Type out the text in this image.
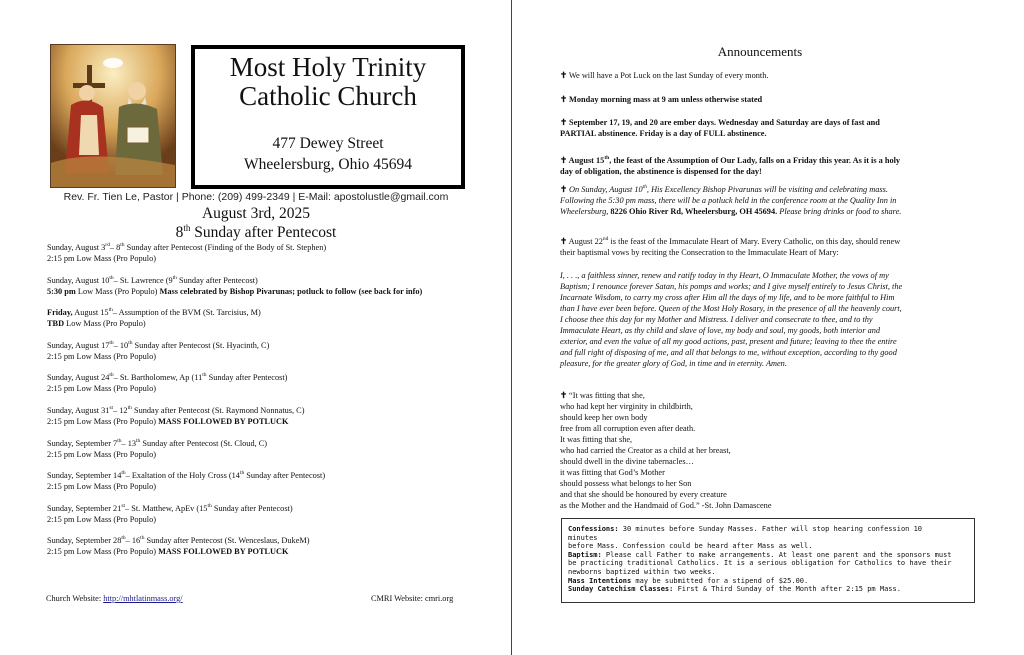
Most Holy Trinity
Catholic Church
477 Dewey Street
Wheelersburg, Ohio 45694
Rev. Fr. Tien Le, Pastor | Phone: (209) 499-2349 | E-Mail: apostolustle@gmail.com
August 3rd, 2025
8th Sunday after Pentecost
Sunday, August 3rd– 8th Sunday after Pentecost (Finding of the Body of St. Stephen)
2:15 pm Low Mass (Pro Populo)
Sunday, August 10th– St. Lawrence (9th Sunday after Pentecost)
5:30 pm Low Mass (Pro Populo) Mass celebrated by Bishop Pivarunas; potluck to follow (see back for info)
Friday, August 15th– Assumption of the BVM (St. Tarcisius, M)
TBD Low Mass (Pro Populo)
Sunday, August 17th– 10th Sunday after Pentecost (St. Hyacinth, C)
2:15 pm Low Mass (Pro Populo)
Sunday, August 24th– St. Bartholomew, Ap (11th Sunday after Pentecost)
2:15 pm Low Mass (Pro Populo)
Sunday, August 31st– 12th Sunday after Pentecost (St. Raymond Nonnatus, C)
2:15 pm Low Mass (Pro Populo) MASS FOLLOWED BY POTLUCK
Sunday, September 7th– 13th Sunday after Pentecost (St. Cloud, C)
2:15 pm Low Mass (Pro Populo)
Sunday, September 14th– Exaltation of the Holy Cross (14th Sunday after Pentecost)
2:15 pm Low Mass (Pro Populo)
Sunday, September 21st– St. Matthew, ApEv (15th Sunday after Pentecost)
2:15 pm Low Mass (Pro Populo)
Sunday, September 28th– 16th Sunday after Pentecost (St. Wenceslaus, DukeM)
2:15 pm Low Mass (Pro Populo) MASS FOLLOWED BY POTLUCK
Church Website: http://mhtlatinmass.org/	CMRI Website: cmri.org
Announcements
✝ We will have a Pot Luck on the last Sunday of every month.
✝ Monday morning mass at 9 am unless otherwise stated
✝ September 17, 19, and 20 are ember days. Wednesday and Saturday are days of fast and
PARTIAL abstinence. Friday is a day of FULL abstinence.
✝ August 15th, the feast of the Assumption of Our Lady, falls on a Friday this year. As it is a holy
day of obligation, the abstinence is dispensed for the day!
✝ On Sunday, August 10th, His Excellency Bishop Pivarunas will be visiting and celebrating mass.
Following the 5:30 pm mass, there will be a potluck held in the conference room at the Quality Inn in
Wheelersburg, 8226 Ohio River Rd, Wheelersburg, OH 45694. Please bring drinks or food to share.
✝ August 22nd is the feast of the Immaculate Heart of Mary. Every Catholic, on this day, should renew
their baptismal vows by reciting the Consecration to the Immaculate Heart of Mary:
I, . . ., a faithless sinner, renew and ratify today in thy Heart, O Immaculate Mother, the vows of my
Baptism; I renounce forever Satan, his pomps and works; and I give myself entirely to Jesus Christ, the
Incarnate Wisdom, to carry my cross after Him all the days of my life, and to be more faithful to Him
than I have ever been before. Queen of the Most Holy Rosary, in the presence of all the heavenly court,
I choose thee this day for my Mother and Mistress. I deliver and consecrate to thee, and to thy
Immaculate Heart, as thy child and slave of love, my body and soul, my goods, both interior and
exterior, and even the value of all my good actions, past, present and future; leaving to thee the entire
and full right of disposing of me, and all that belongs to me, without exception, according to thy good
pleasure, for the greater glory of God, in time and in eternity. Amen.
✝ “It was fitting that she,
who had kept her virginity in childbirth,
should keep her own body
free from all corruption even after death.
It was fitting that she,
who had carried the Creator as a child at her breast,
should dwell in the divine tabernacles…
it was fitting that God’s Mother
should possess what belongs to her Son
and that she should be honoured by every creature
as the Mother and the Handmaid of God.” -St. John Damascene
Confessions: 30 minutes before Sunday Masses. Father will stop hearing confession 10
minutes
before Mass. Confession could be heard after Mass as well.
Baptism: Please call Father to make arrangements. At least one parent and the sponsors must
be practicing traditional Catholics. It is a serious obligation for Catholics to have their
newborns baptized within two weeks.
Mass Intentions may be submitted for a stipend of $25.00.
Sunday Catechism Classes: First & Third Sunday of the Month after 2:15 pm Mass.
